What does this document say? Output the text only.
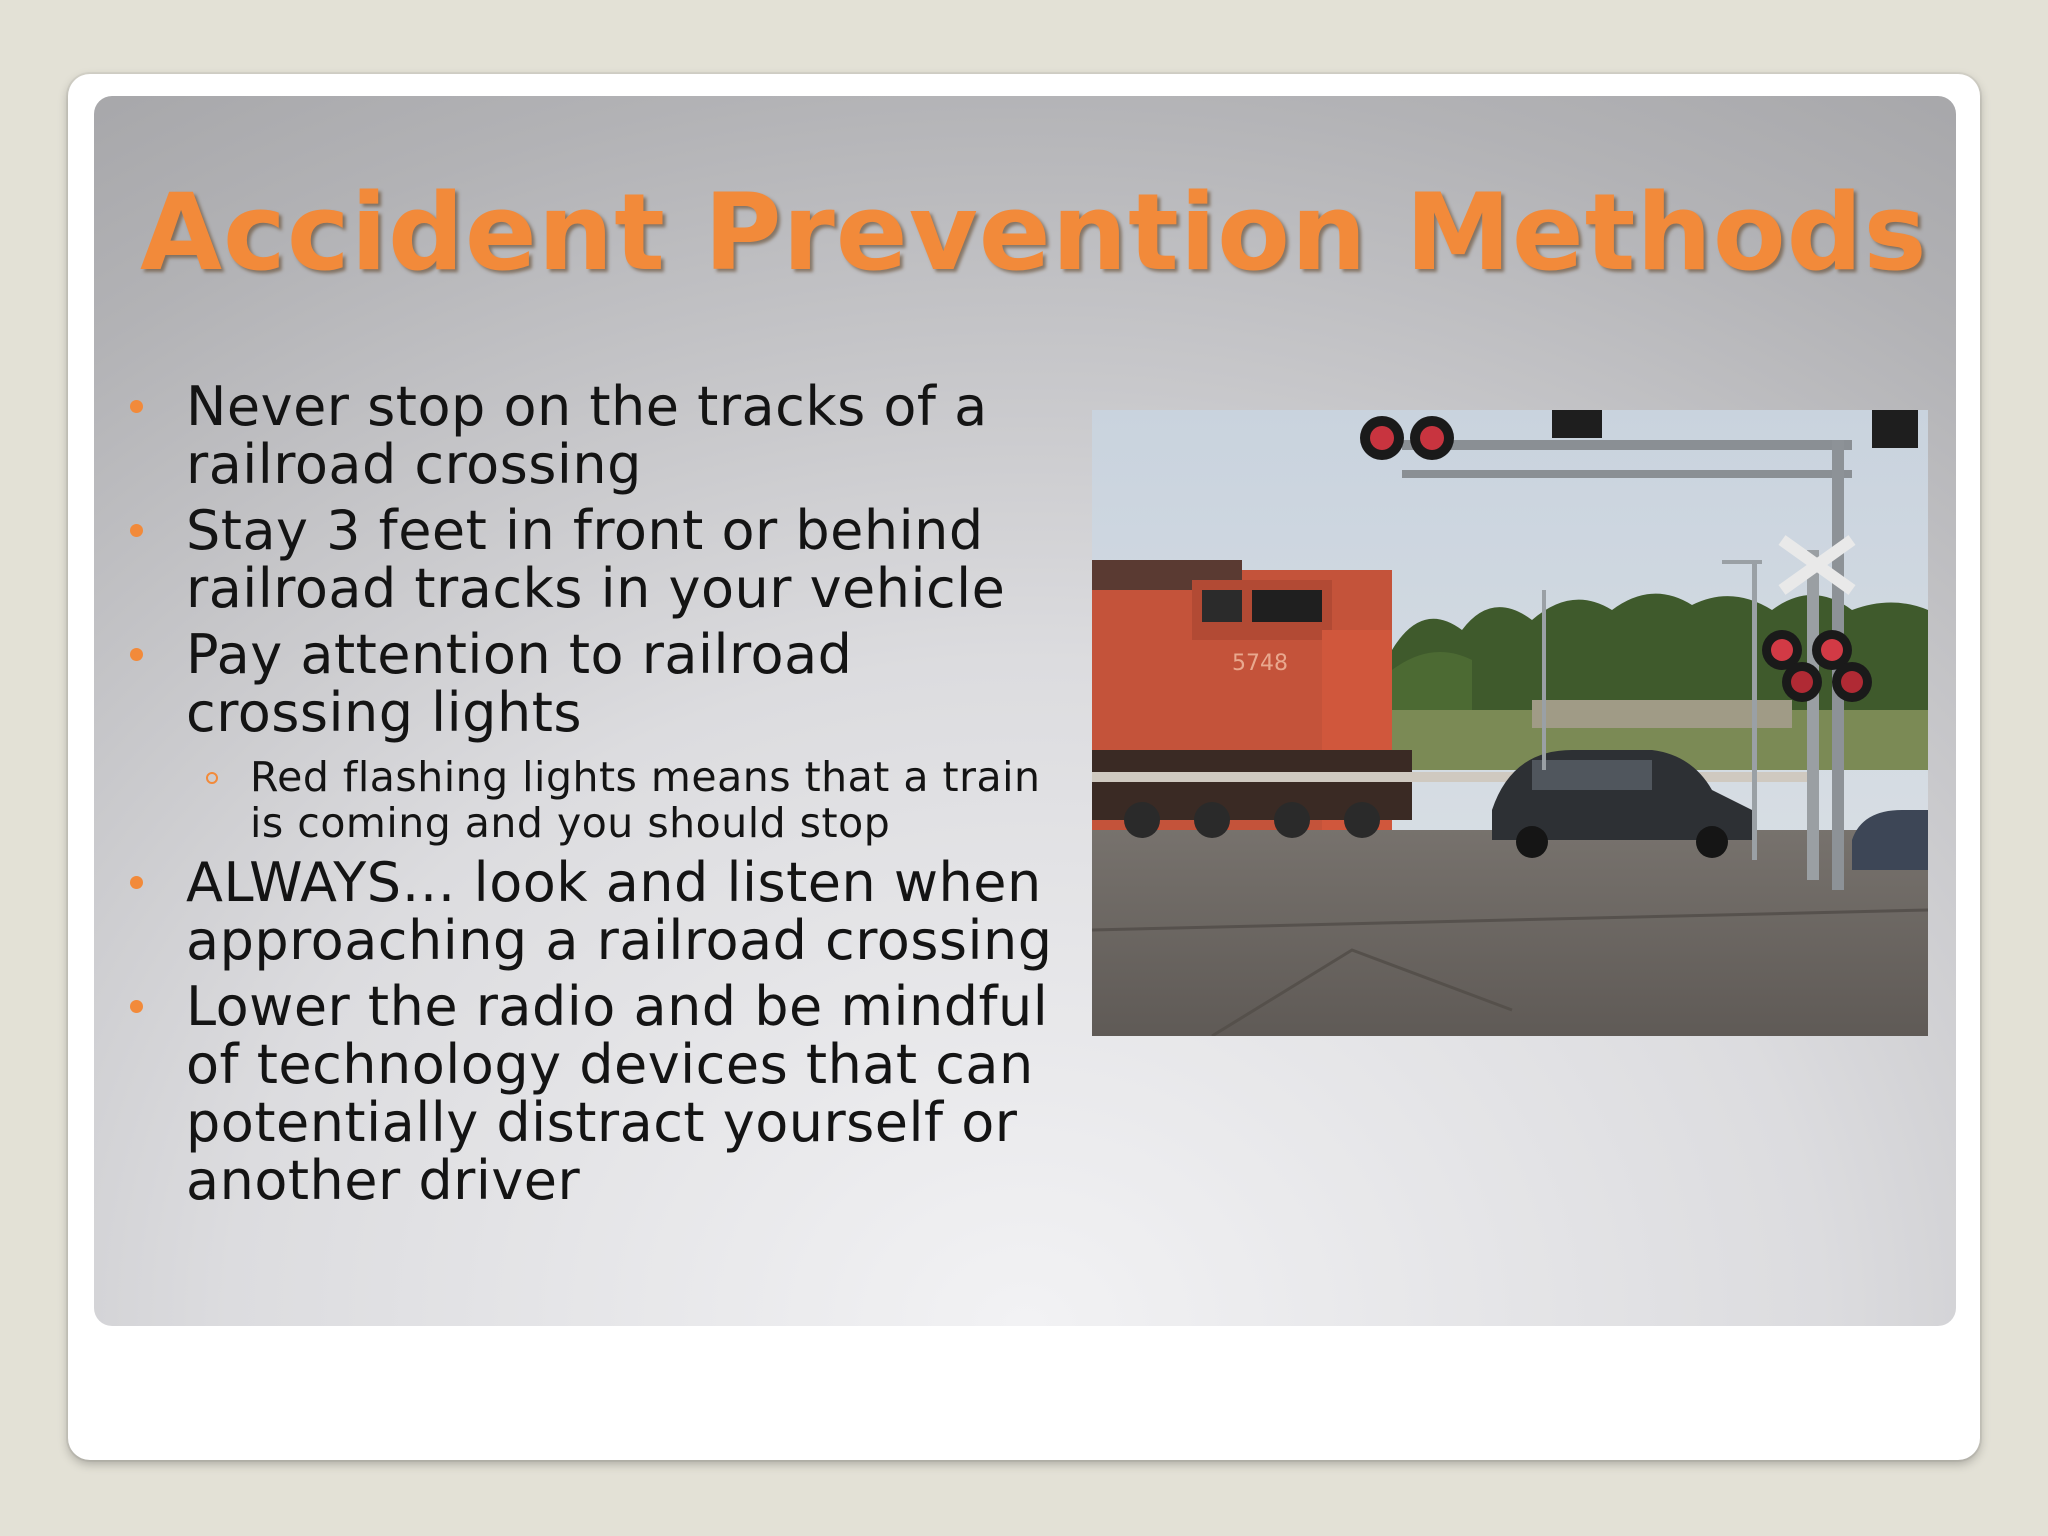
Accident Prevention Methods
Never stop on the tracks of a railroad crossing
Stay 3 feet in front or behind railroad tracks in your vehicle
Pay attention to railroad crossing lights
Red flashing lights means that a train is coming and you should stop
ALWAYS… look and listen when approaching a railroad crossing
Lower the radio and be mindful of technology devices that can potentially distract yourself or another driver
5748
